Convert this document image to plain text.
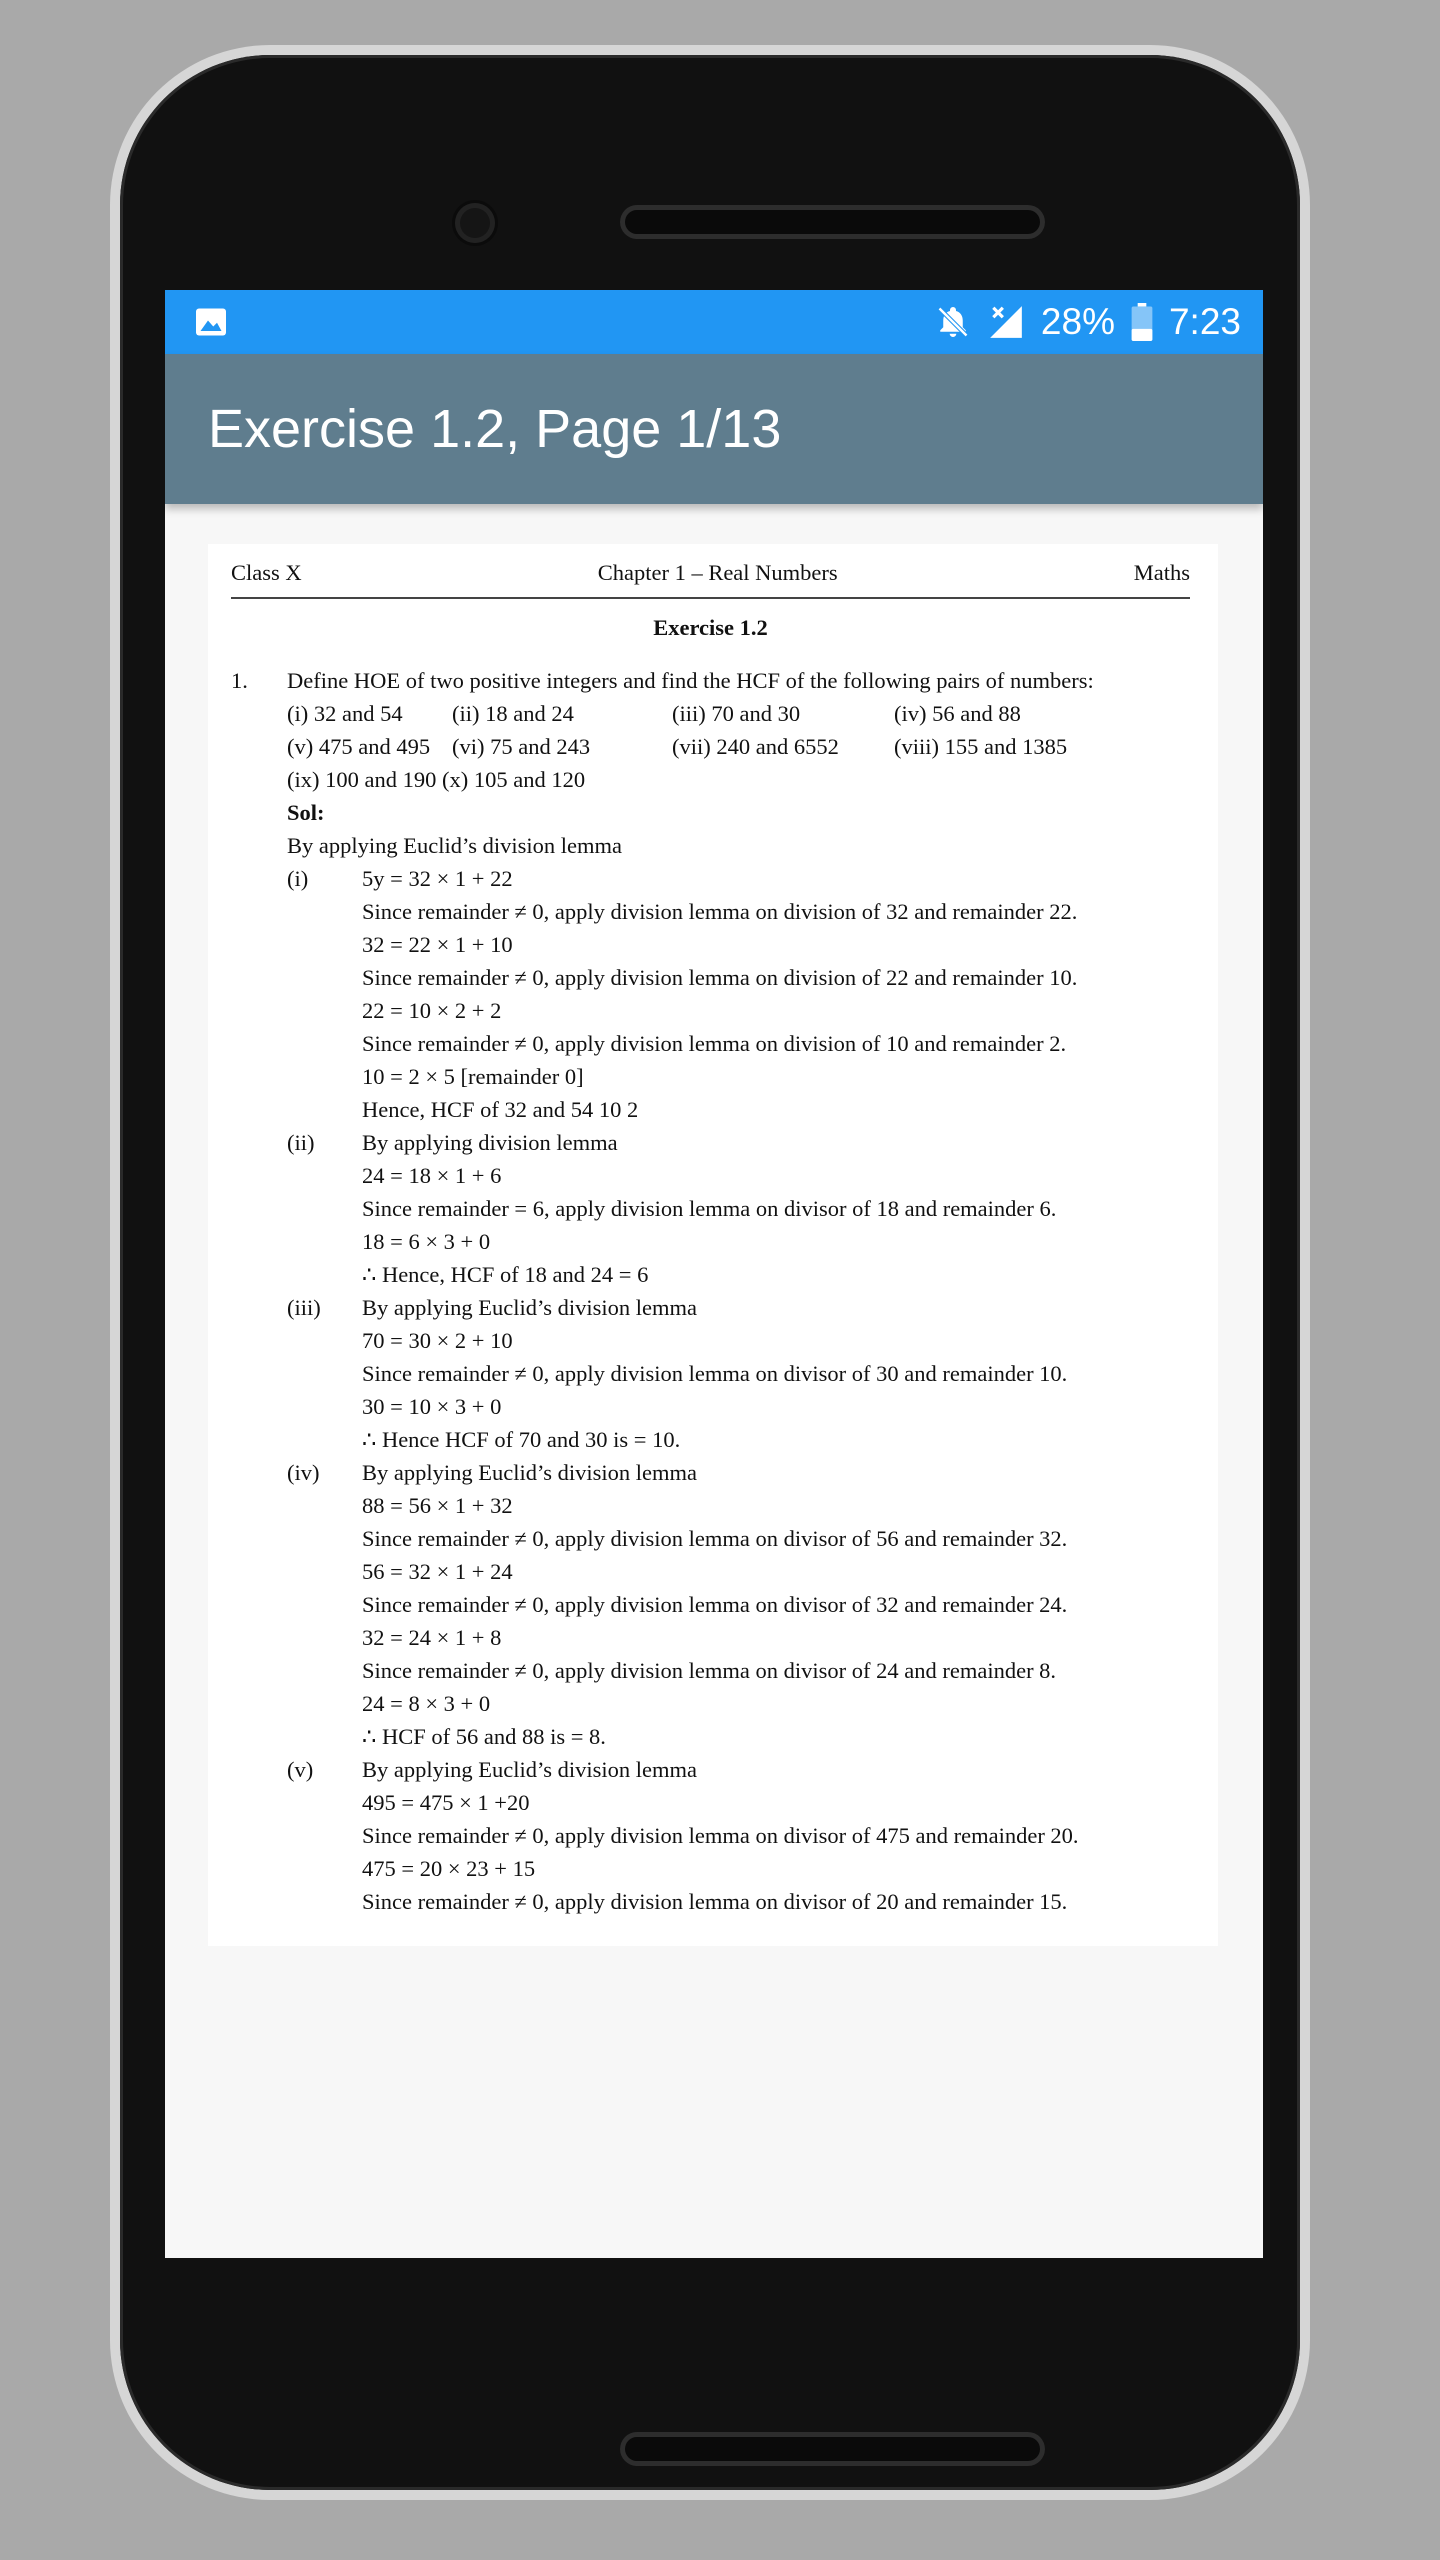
28% 7:23
Exercise 1.2, Page 1/13
Class X	Chapter 1 – Real Numbers	Maths
Exercise 1.2
1.	Define HOE of two positive integers and find the HCF of the following pairs of numbers:
(i) 32 and 54	(ii) 18 and 24	(iii) 70 and 30	(iv) 56 and 88
(v) 475 and 495 (vi) 75 and 243	(vii) 240 and 6552	(viii) 155 and 1385
(ix) 100 and 190 (x) 105 and 120
Sol:
By applying Euclid’s division lemma
(i)	5y = 32 × 1 + 22
Since remainder ≠ 0, apply division lemma on division of 32 and remainder 22.
32 = 22 × 1 + 10
Since remainder ≠ 0, apply division lemma on division of 22 and remainder 10.
22 = 10 × 2 + 2
Since remainder ≠ 0, apply division lemma on division of 10 and remainder 2.
10 = 2 × 5 [remainder 0]
Hence, HCF of 32 and 54 10 2
(ii)	By applying division lemma
24 = 18 × 1 + 6
Since remainder = 6, apply division lemma on divisor of 18 and remainder 6.
18 = 6 × 3 + 0
∴ Hence, HCF of 18 and 24 = 6
(iii)	By applying Euclid’s division lemma
70 = 30 × 2 + 10
Since remainder ≠ 0, apply division lemma on divisor of 30 and remainder 10.
30 = 10 × 3 + 0
∴ Hence HCF of 70 and 30 is = 10.
(iv)	By applying Euclid’s division lemma
88 = 56 × 1 + 32
Since remainder ≠ 0, apply division lemma on divisor of 56 and remainder 32.
56 = 32 × 1 + 24
Since remainder ≠ 0, apply division lemma on divisor of 32 and remainder 24.
32 = 24 × 1 + 8
Since remainder ≠ 0, apply division lemma on divisor of 24 and remainder 8.
24 = 8 × 3 + 0
∴ HCF of 56 and 88 is = 8.
(v)	By applying Euclid’s division lemma
495 = 475 × 1 +20
Since remainder ≠ 0, apply division lemma on divisor of 475 and remainder 20.
475 = 20 × 23 + 15
Since remainder ≠ 0, apply division lemma on divisor of 20 and remainder 15.
